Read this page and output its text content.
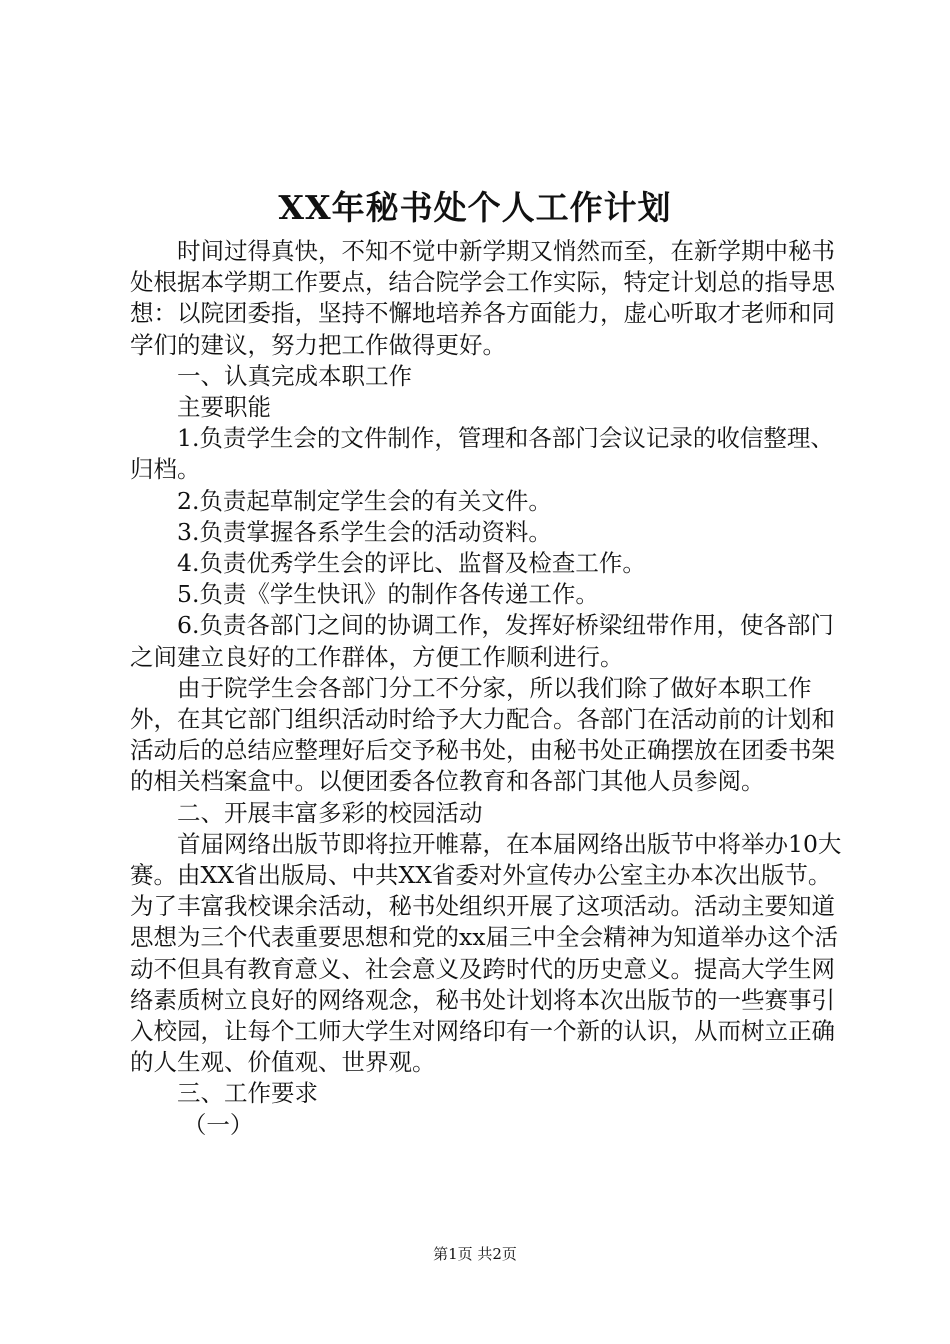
XX年秘书处个人工作计划

时间过得真快，不知不觉中新学期又悄然而至，在新学期中秘书处根据本学期工作要点，结合院学会工作实际，特定计划总的指导思想：以院团委指，坚持不懈地培养各方面能力，虚心听取才老师和同学们的建议，努力把工作做得更好。

一、认真完成本职工作

主要职能

1.负责学生会的文件制作，管理和各部门会议记录的收信整理、归档。

2.负责起草制定学生会的有关文件。

3.负责掌握各系学生会的活动资料。

4.负责优秀学生会的评比、监督及检查工作。

5.负责《学生快讯》的制作各传递工作。

6.负责各部门之间的协调工作，发挥好桥梁纽带作用，使各部门之间建立良好的工作群体，方便工作顺利进行。

由于院学生会各部门分工不分家，所以我们除了做好本职工作外，在其它部门组织活动时给予大力配合。各部门在活动前的计划和活动后的总结应整理好后交予秘书处，由秘书处正确摆放在团委书架的相关档案盒中。以便团委各位教育和各部门其他人员参阅。

二、开展丰富多彩的校园活动

首届网络出版节即将拉开帷幕，在本届网络出版节中将举办10大赛。由XX省出版局、中共XX省委对外宣传办公室主办本次出版节。为了丰富我校课余活动，秘书处组织开展了这项活动。活动主要知道思想为三个代表重要思想和党的xx届三中全会精神为知道举办这个活动不但具有教育意义、社会意义及跨时代的历史意义。提高大学生网络素质树立良好的网络观念，秘书处计划将本次出版节的一些赛事引入校园，让每个工师大学生对网络印有一个新的认识，从而树立正确的人生观、价值观、世界观。

三、工作要求

（一）

第1页 共2页
